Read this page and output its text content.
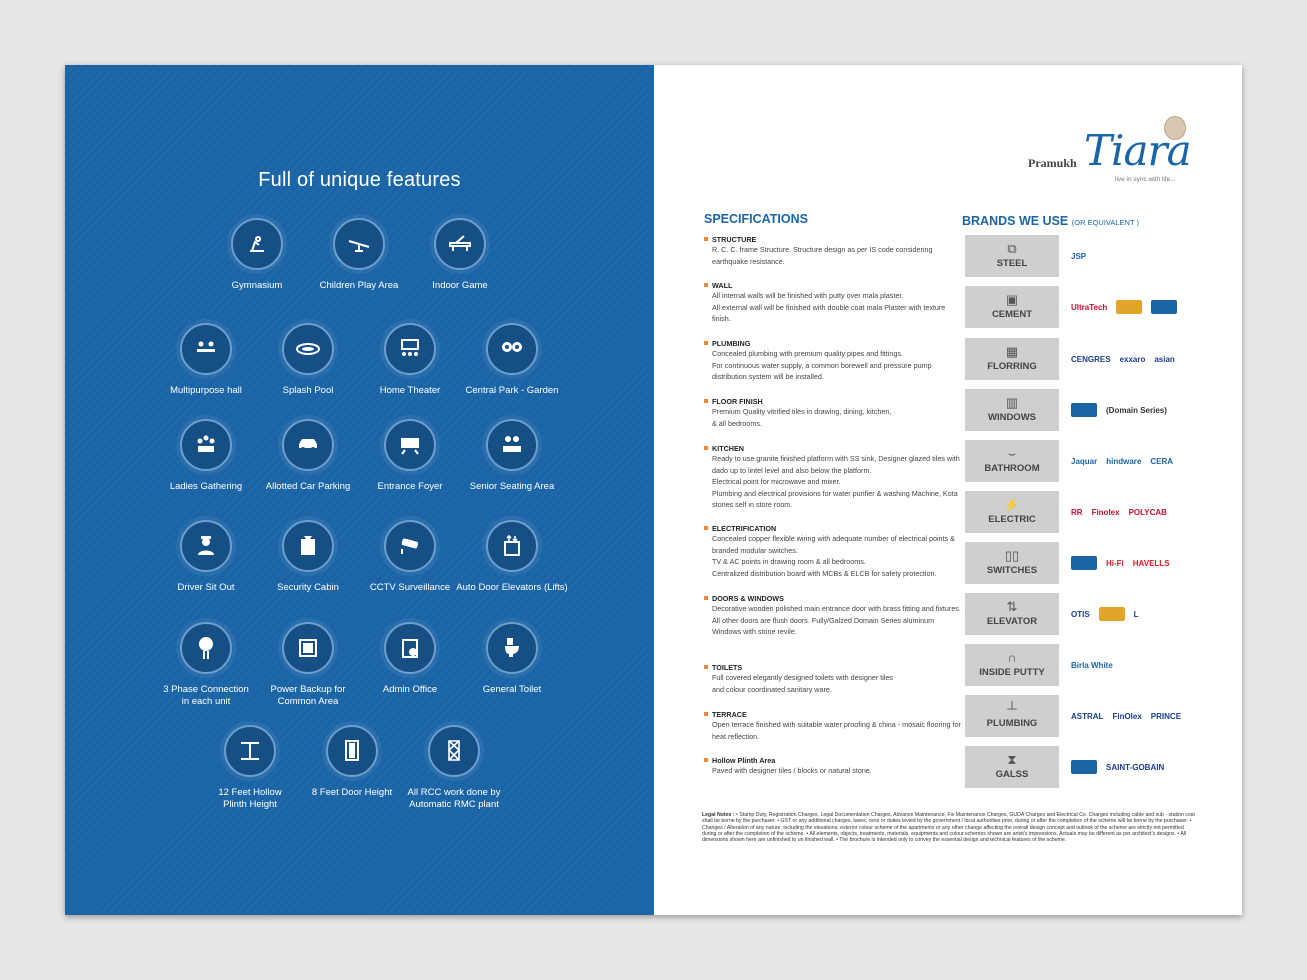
Full of unique features
Gymnasium	Children Play Area	Indoor Game
Multipurpose hall	Splash Pool	Home Theater	Central Park - Garden
Ladies Gathering	Allotted Car Parking	Entrance Foyer	Senior Seating Area
Driver Sit Out	Security Cabin	CCTV Surveillance Auto Door Elevators (Lifts)
3 Phase Connection
in each unit
Power Backup for
Common Area
Admin Office	General Toilet
12 Feet Hollow
Plinth Height
8 Feet Door Height	All RCC work done by
Automatic RMC plant
Pramukh Tiara
live in sync with life...
SPECIFICATIONS
STRUCTURE
R. C. C. frame Structure. Structure design as per IS code considering earthquake resistance.
WALL
All internal walls will be finished with putty over mala plaster.
All external wall will be finished with double coat mala Plaster with texture finish.
PLUMBING
Concealed plumbing with premium quality pipes and fittings.
For continuous water supply, a common borewell and pressure pump distribution system will be installed.
FLOOR FINISH
Premium Quality vitrified tiles in drawing, dining, kitchen,
& all bedrooms.
KITCHEN
Ready to use granite finished platform with SS sink, Designer glazed tiles with dado up to lintel level and also below the platform.
Electrical point for microwave and mixer.
Plumbing and electrical provisions for water purifier & washing Machine, Kota stones self in store room.
ELECTRIFICATION
Concealed copper flexible wiring with adequate number of electrical points & branded modular switches.
TV & AC points in drawing room & all bedrooms.
Centralized distribution board with MCBs & ELCB for safety protection.
DOORS & WINDOWS
Decorative wooden polished main entrance door with brass fitting and fixtures.
All other doors are flush doors. Fully/Galzed Domain Series aluminum Windows with stone revile.
TOILETS
Full covered elegantly designed toilets with designer tiles
and colour coordinated sanitary ware.
TERRACE
Open terrace finished with suitable water proofing & china - mosaic flooring for heat reflection.
Hollow Plinth Area
Paved with designer tiles / blocks or natural stone.
BRANDS WE USE (OR EQUIVALENT )
⧉
STEEL
JSP
▣
CEMENT
UltraTech
▦
FLORRING
CENGRES exxaro asian
▥
WINDOWS
(Domain Series)
⌣
BATHROOM
Jaquar hindware CERA
⚡
ELECTRIC
RR Finolex POLYCAB
▯▯
SWITCHES
Hi-Fi HAVELLS
⇅
ELEVATOR
OTIS	L
∩
INSIDE PUTTY
Birla White
┴
PLUMBING
ASTRAL FinOlex PRINCE
⧗
GALSS
SAINT-GOBAIN
Legal Notes : • Stamp Duty, Registration Charges, Legal Documentation Charges, Advance Maintenance, Fix Maintenance Charges, GUDA Charges and Electrical Co. Charges including cable and sub - station cost shall be borne by the purchaser. • GST or any additional charges, taxes, cess or duties levied by the government / local authorities prior, during or after the completion of the scheme will be borne by the purchaser. • Changes / Alteration of any nature, including the elevations, exterior colour scheme of the apartments or any other change affecting the overall design concept and outlook of the scheme are strictly not permitted during or after the completion of the scheme. • All elements, objects, treatments, materials, equipments and colour schemes shown are artist's impressions. Actuals may be different as per architect's designs. • All dimensions shown here are unfinished to un finished wall. • The brochure is intended only to convey the essential design and technical features of the scheme.
